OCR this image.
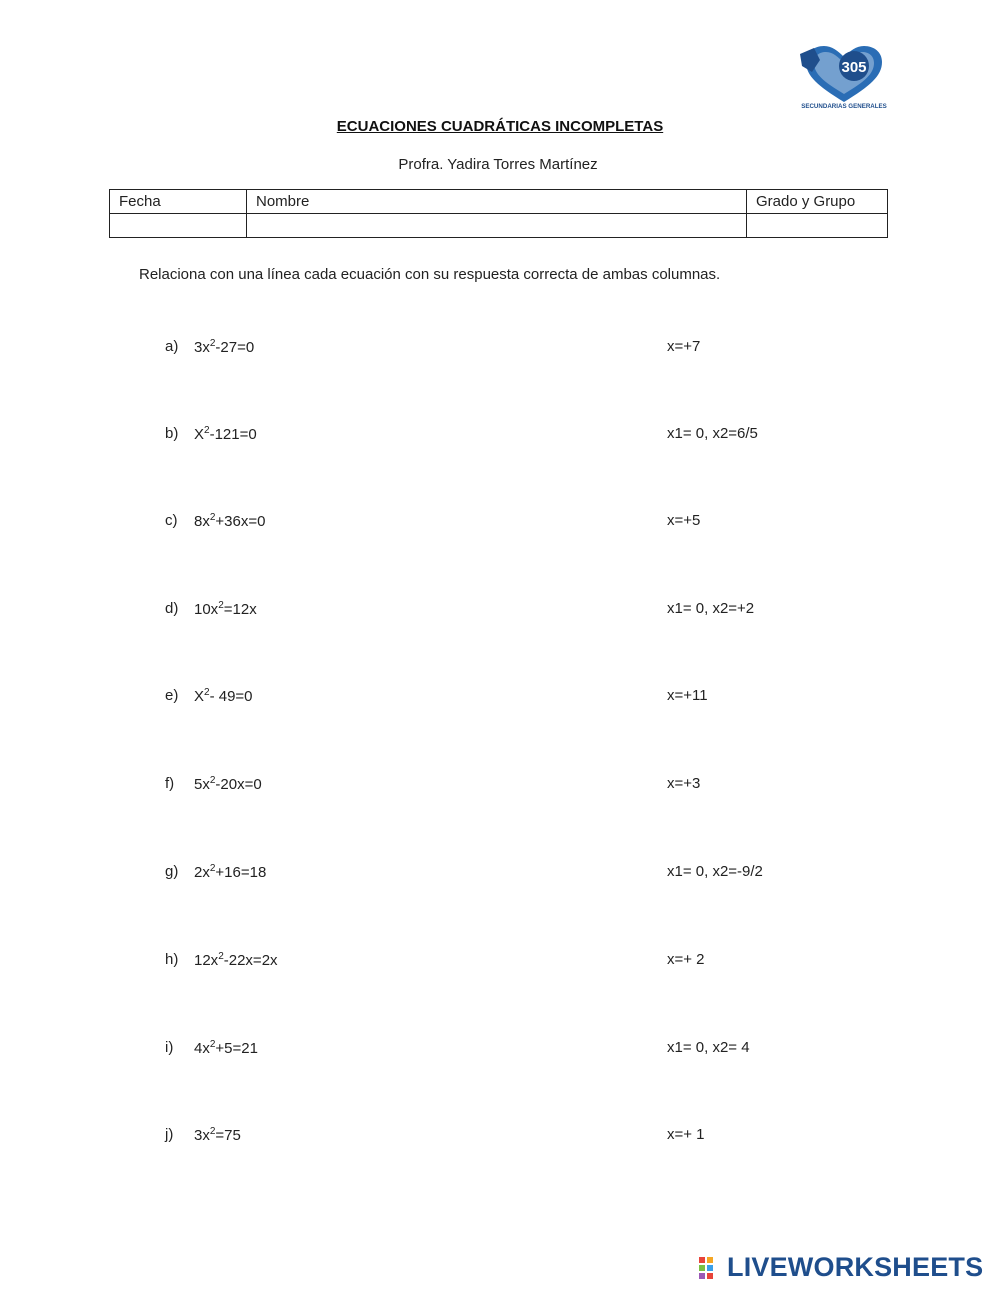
305
SECUNDARIAS GENERALES
ECUACIONES CUADRÁTICAS INCOMPLETAS
Profra. Yadira Torres Martínez
Fecha	Nombre	Grado y Grupo

Relaciona con una línea cada ecuación con su respuesta correcta de ambas columnas.
a) $3x^2-27=0$	x=+7
b) $X^2-121=0$	x1= 0, x2=6/5
c) $8x^2+36x=0$	x=+5
d) $10x^2=12x$	x1= 0, x2=+2
e) $X^2-$ 49=0	x=+11
f) $5x^2-20x=0$	x=+3
g) $2x^2+16=18$	x1= 0, x2=-9/2
h) $12x^2-22x=2x$	x=+ 2
i) $4x^2+5=21$	x1= 0, x2= 4
j) $3x^2=75$	x=+ 1
LIVEWORKSHEETS
